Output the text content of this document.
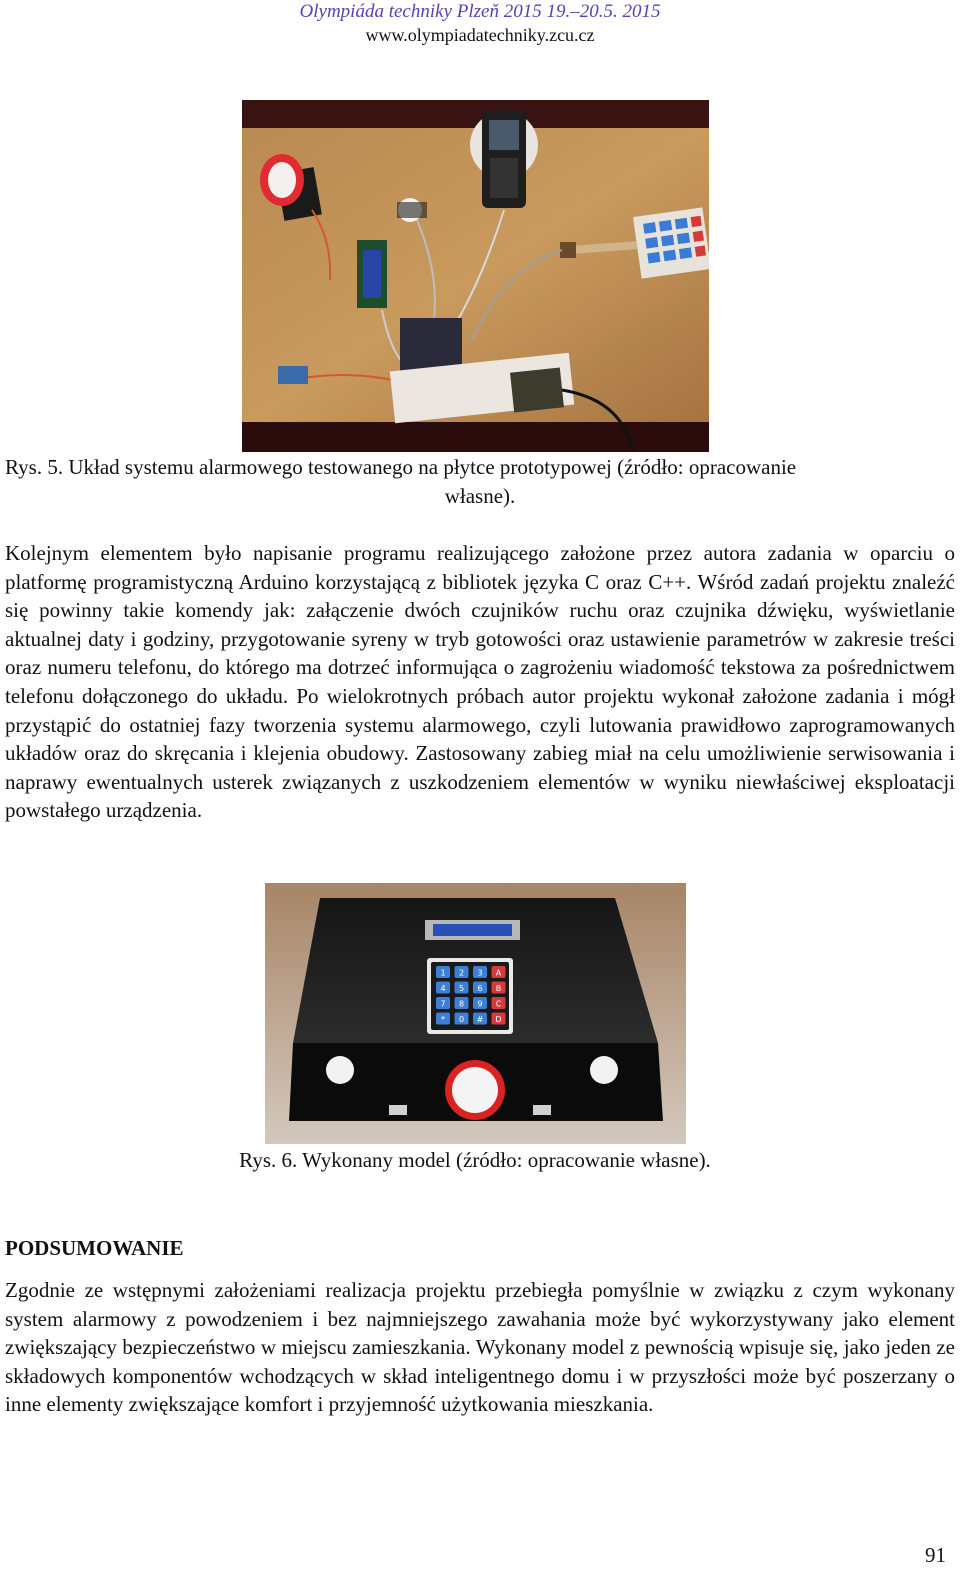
Olympiáda techniky Plzeň 2015 19.–20.5. 2015
www.olympiadatechniky.zcu.cz
Rys. 5. Układ systemu alarmowego testowanego na płytce prototypowej (źródło: opracowanie
własne).
Kolejnym elementem było napisanie programu realizującego założone przez autora zadania w oparciu o platformę programistyczną Arduino korzystającą z bibliotek języka C oraz C++. Wśród zadań projektu znaleźć się powinny takie komendy jak: załączenie dwóch czujników ruchu oraz czujnika dźwięku, wyświetlanie aktualnej daty i godziny, przygotowanie syreny w tryb gotowości oraz ustawienie parametrów w zakresie treści oraz numeru telefonu, do którego ma dotrzeć informująca o zagrożeniu wiadomość tekstowa za pośrednictwem telefonu dołączonego do układu. Po wielokrotnych próbach autor projektu wykonał założone zadania i mógł przystąpić do ostatniej fazy tworzenia systemu alarmowego, czyli lutowania prawidłowo zaprogramowanych układów oraz do skręcania i klejenia obudowy. Zastosowany zabieg miał na celu umożliwienie serwisowania i naprawy ewentualnych usterek związanych z uszkodzeniem elementów w wyniku niewłaściwej eksploatacji powstałego urządzenia.
1 2 3 A
4 5 6 B
7 8 9 C
* 0 # D
Rys. 6. Wykonany model (źródło: opracowanie własne).
PODSUMOWANIE
Zgodnie ze wstępnymi założeniami realizacja projektu przebiegła pomyślnie w związku z czym wykonany system alarmowy z powodzeniem i bez najmniejszego zawahania może być wykorzystywany jako element zwiększający bezpieczeństwo w miejscu zamieszkania. Wykonany model z pewnością wpisuje się, jako jeden ze składowych komponentów wchodzących w skład inteligentnego domu i w przyszłości może być poszerzany o inne elementy zwiększające komfort i przyjemność użytkowania mieszkania.
91
